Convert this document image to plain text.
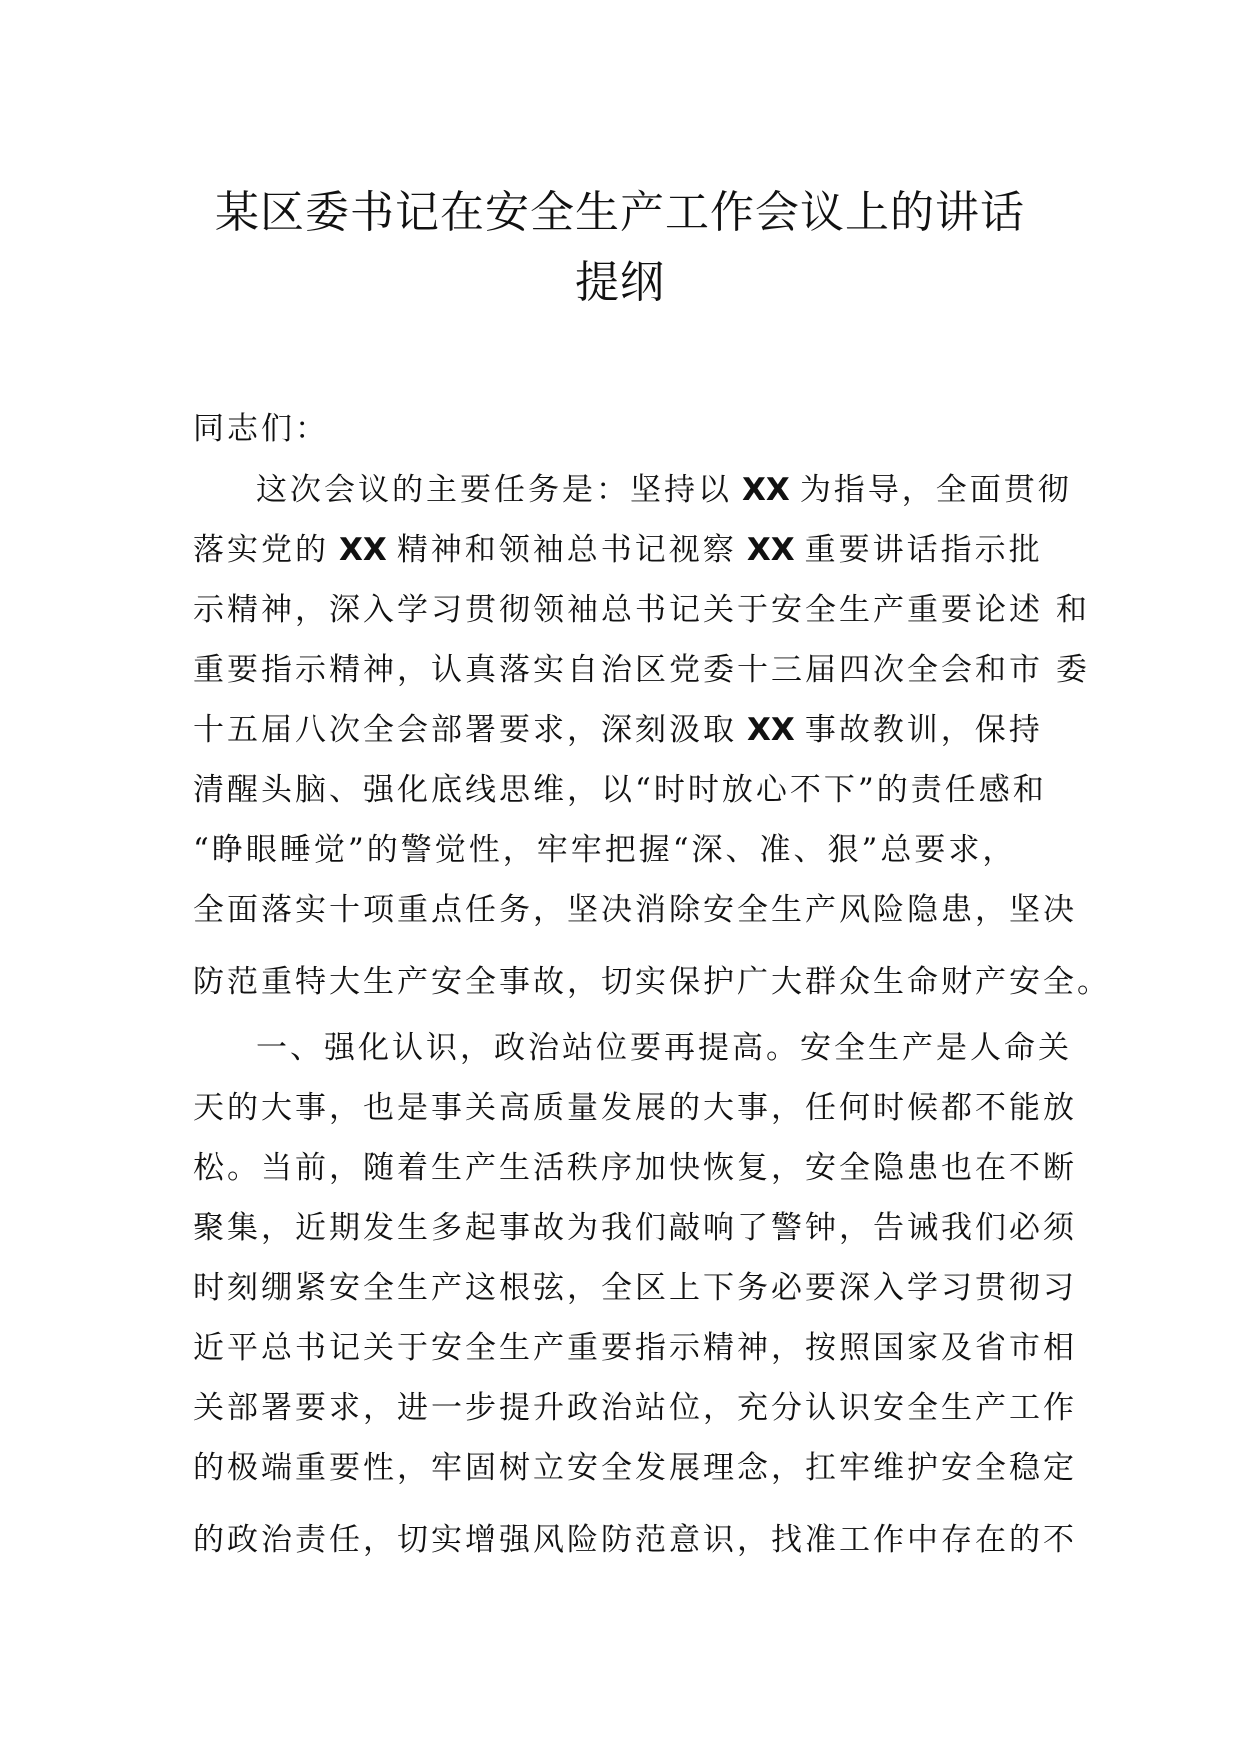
某区委书记在安全生产工作会议上的讲话
提纲

同志们：

这次会议的主要任务是：坚持以 XX 为指导，全面贯彻
落实党的 XX 精神和领袖总书记视察 XX 重要讲话指示批
示精神，深入学习贯彻领袖总书记关于安全生产重要论述 和
重要指示精神，认真落实自治区党委十三届四次全会和市 委
十五届八次全会部署要求，深刻汲取 XX 事故教训，保持
清醒头脑、强化底线思维，以“时时放心不下”的责任感和
“睁眼睡觉”的警觉性，牢牢把握“深、准、狠”总要求，
全面落实十项重点任务，坚决消除安全生产风险隐患，坚决
防范重特大生产安全事故，切实保护广大群众生命财产安全。
一、强化认识，政治站位要再提高。安全生产是人命关
天的大事，也是事关高质量发展的大事，任何时候都不能放
松。当前，随着生产生活秩序加快恢复，安全隐患也在不断
聚集，近期发生多起事故为我们敲响了警钟，告诫我们必须
时刻绷紧安全生产这根弦，全区上下务必要深入学习贯彻习
近平总书记关于安全生产重要指示精神，按照国家及省市相
关部署要求，进一步提升政治站位，充分认识安全生产工作
的极端重要性，牢固树立安全发展理念，扛牢维护安全稳定
的政治责任，切实增强风险防范意识，找准工作中存在的不
